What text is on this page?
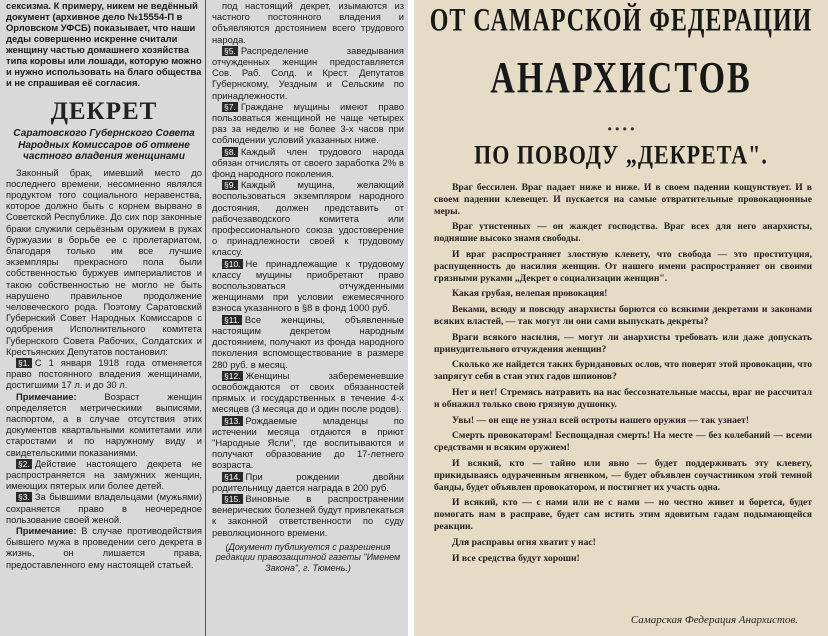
сексизма. К примеру, никем не ведённый документ (архивное дело №15554-П в Орловском УФСБ) показывает, что наши деды совершенно искренне считали женщину частью домашнего хозяйства типа коровы или лошади, которую можно и нужно использовать на благо общества и не спрашивая её согласия.

ДЕКРЕТ
Саратовского Губернского Совета Народных Комиссаров об отмене частного владения женщинами

Законный брак, имевший место до последнего времени, несомненно являлся продуктом того социального неравенства, которое должно быть с корнем вырвано в Советской Республике. До сих пор законные браки служили серьёзным оружием в руках буржуазии в борьбе ее с пролетариатом, благодаря только им все лучшие экземпляры прекрасного пола были собственностью буржуев империалистов и такою собственностью не могло не быть нарушено правильное продолжение человеческого рода. Поэтому Саратовский Губернский Совет Народных Комиссаров с одобрения Исполнительного комитета Губернского Совета Рабочих, Солдатских и Крестьянских Депутатов постановил:

§1. С 1 января 1918 года отменяется право постоянного владения женщинами, достигшими 17 л. и до 30 л.

Примечание:	Возраст женщин определяется метрическими выписями, паспортом, а в случае отсутствия этих документов квартальными комитетами или старостами и по наружному виду и свидетельскими показаниями.

§2. Действие настоящего декрета не распространяется на замужних женщин, имеющих пятерых или более детей.

§3. За бывшими владельцами (мужьями) сохраняется право в неочередное пользование своей женой.

Примечание: В случае противодействия бывшего мужа в проведении сего декрета в жизнь, он лишается права, предоставленного ему настоящей статьей.

под настоящий декрет, изымаются из частного постоянного владения и объявляются достоянием всего трудового народа.

§5. Распределение заведывания отчужденных женщин предоставляется Сов. Раб. Солд. и Крест. Депутатов Губернскому, Уездным и Сельским по принадлежности.

§7. Граждане мущины имеют право пользоваться женщиной не чаще четырех раз за неделю и не более 3-х часов при соблюдении условий указанных ниже.

§8. Каждый член трудового народа обязан отчислять от своего заработка 2% в фонд народного поколения.

§9. Каждый мущина, желающий воспользоваться экземпляром народного достояния, должен представить от рабочезаводского комитета или профессионального союза удостоверение о принадлежности своей к трудовому классу.

§10. Не принадлежащие к трудовому классу мущины приобретают право воспользоваться отчужденными женщинами при условии ежемесячного взноса указанного в §8 в фонд 1000 руб.

§11. Все женщины, объявленные настоящим декретом народным достоянием, получают из фонда народного поколения вспомоществование в размере 280 руб. в месяц.

§12. Женщины забеременевшие освобождаются от своих обязанностей прямых и государственных в течение 4-х месяцев (3 месяца до и один после родов).

§13. Рождаемые младенцы по истечении месяца отдаются в приют "Народные Ясли", где воспитываются и получают образование до 17-летнего возраста.

§14. При рождении двойни родительницу дается награда в 200 руб.

§15. Виновные в распространении венерических болезней будут привлекаться к законной ответственности по суду революционного времени.

(Документ публикуется с разрешения редакции правозащитной газеты "Именем Закона", г. Тюмень.)

ОТ САМАРСКОЙ ФЕДЕРАЦИИ
АНАРХИСТОВ
• • • •
ПО ПОВОДУ „ДЕКРЕТА".

Враг бессилен. Враг падает ниже и ниже. И в своем падении кощунствует. И в своем падении клевещет. И пускается на самые отвратительные провокационные меры.

Враг утистенных — он жаждет господства. Враг всех для него анархисты, подняшие высоко знамя свободы.

И враг распространяет злостную клевету, что свобода — это проституция, распущенность до насилия женщин. От нашего имени распространяет он своими грязными руками „Декрет о социализации женщин".

Какая грубая, нелепая провокация!

Веками, всюду и повсюду анархисты борются со всякими декретами и законами всяких властей, — так могут ли они сами выпускать декреты?

Враги всякого насилия, — могут ли анархисты требовать или даже допускать принудительного отчуждения женщин?

Сколько же найдется таких буридановых ослов, что поверят этой провокации, что запрягут себя в стан этих гадов шпионов?

Нет и нет! Стремясь натравить на нас бессознательные массы, враг не рассчитал и обнажил только свою грязную душонку.

Увы! — он еще не узнал всей остроты нашего оружия — так узнает!

Смерть провокаторам! Беспощадная смерть! На месте — без колебаний — всеми средствами и всяким оружием!

И всякий, кто — тайно или явно — будет поддерживать эту клевету, прикидываясь одураченным ягненком, — будет объявлен соучастником этой темной банды, будет объявлен провокатором, и постигнет их участь одна.

И всякий, кто — с нами или не с нами — но честно живет и борется, будет помогать нам в расправе, будет сам истить этим ядовитым гадам подымающейся реакции.

Для расправы огня хватит у нас!

И все средства будут хороши!

Самарская Федерация Анархистов.
